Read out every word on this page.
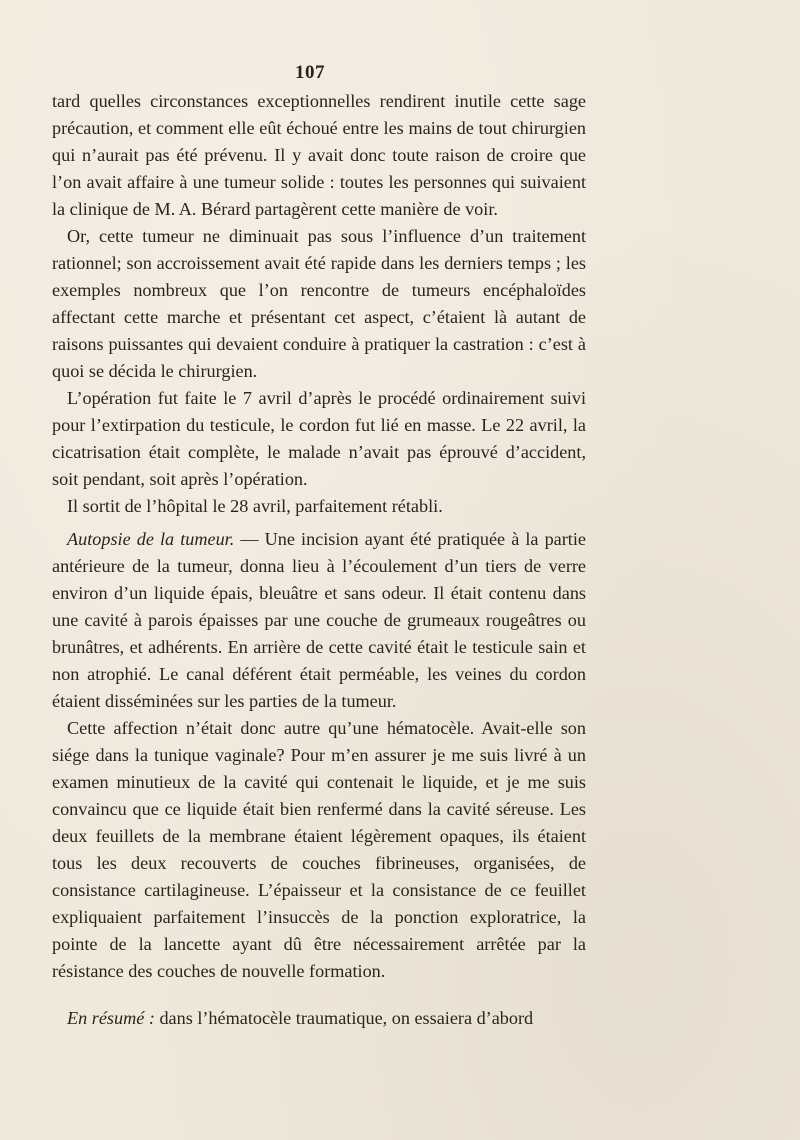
107

tard quelles circonstances exceptionnelles rendirent inutile cette sage précaution, et comment elle eût échoué entre les mains de tout chirurgien qui n’aurait pas été prévenu. Il y avait donc toute raison de croire que l’on avait affaire à une tumeur solide : toutes les personnes qui suivaient la clinique de M. A. Bérard partagèrent cette manière de voir.

Or, cette tumeur ne diminuait pas sous l’influence d’un traitement rationnel; son accroissement avait été rapide dans les derniers temps ; les exemples nombreux que l’on rencontre de tumeurs encéphaloïdes affectant cette marche et présentant cet aspect, c’étaient là autant de raisons puissantes qui devaient conduire à pratiquer la castration : c’est à quoi se décida le chirurgien.

L’opération fut faite le 7 avril d’après le procédé ordinairement suivi pour l’extirpation du testicule, le cordon fut lié en masse. Le 22 avril, la cicatrisation était complète, le malade n’avait pas éprouvé d’accident, soit pendant, soit après l’opération.

Il sortit de l’hôpital le 28 avril, parfaitement rétabli.

Autopsie de la tumeur. — Une incision ayant été pratiquée à la partie antérieure de la tumeur, donna lieu à l’écoulement d’un tiers de verre environ d’un liquide épais, bleuâtre et sans odeur. Il était contenu dans une cavité à parois épaisses par une couche de grumeaux rougeâtres ou brunâtres, et adhérents. En arrière de cette cavité était le testicule sain et non atrophié. Le canal déférent était perméable, les veines du cordon étaient disséminées sur les parties de la tumeur.

Cette affection n’était donc autre qu’une hématocèle. Avait-elle son siége dans la tunique vaginale? Pour m’en assurer je me suis livré à un examen minutieux de la cavité qui contenait le liquide, et je me suis convaincu que ce liquide était bien renfermé dans la cavité séreuse. Les deux feuillets de la membrane étaient légèrement opaques, ils étaient tous les deux recouverts de couches fibrineuses, organisées, de consistance cartilagineuse. L’épaisseur et la consistance de ce feuillet expliquaient parfaitement l’insuccès de la ponction exploratrice, la pointe de la lancette ayant dû être nécessairement arrêtée par la résistance des couches de nouvelle formation.

En résumé : dans l’hématocèle traumatique, on essaiera d’abord
